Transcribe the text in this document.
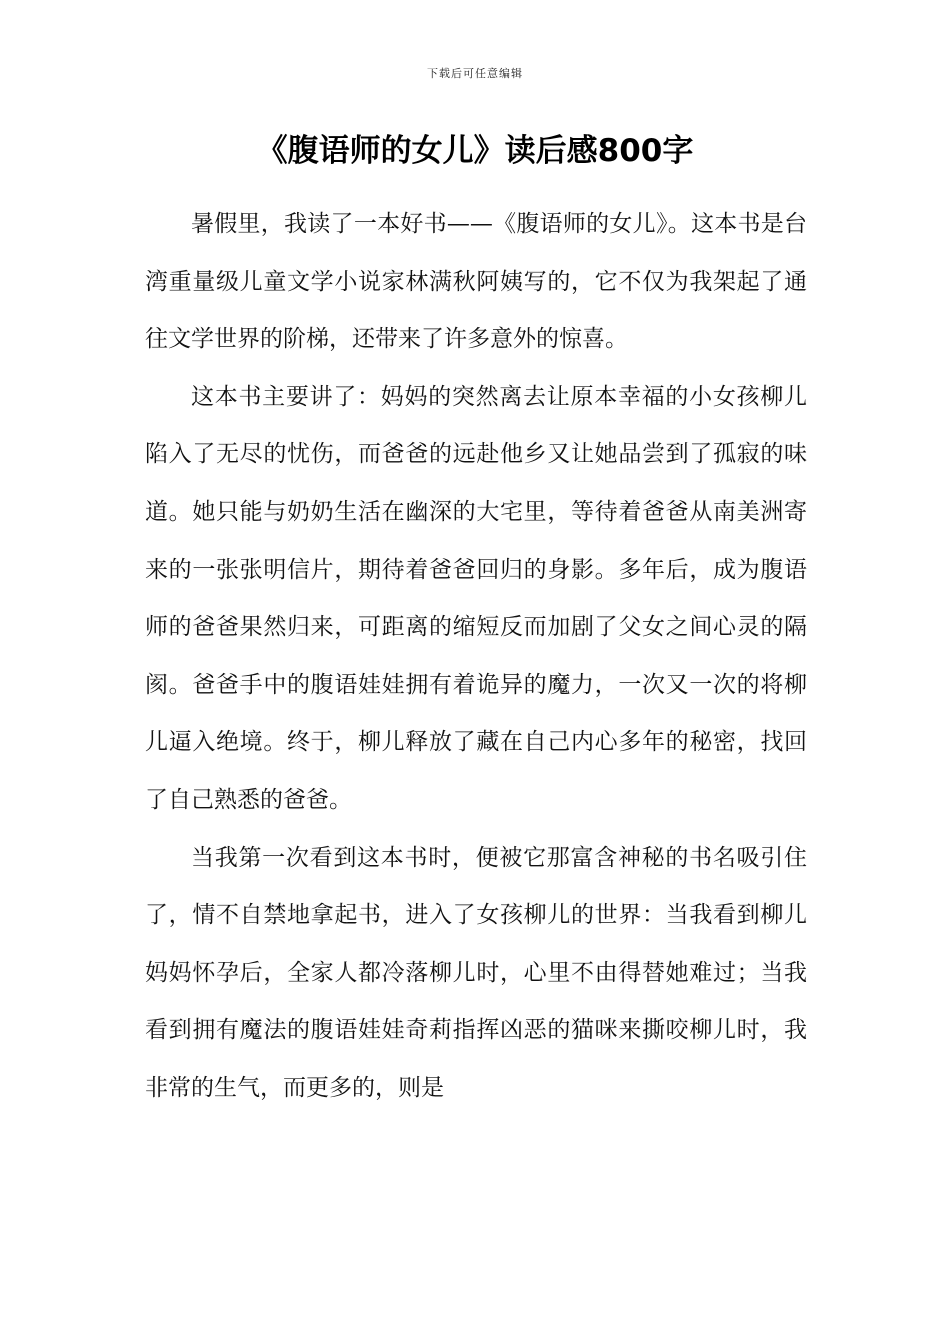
下载后可任意编辑
《腹语师的女儿》读后感800字

暑假里，我读了一本好书——《腹语师的女儿》。这本书是台湾重量级儿童文学小说家林满秋阿姨写的，它不仅为我架起了通往文学世界的阶梯，还带来了许多意外的惊喜。

这本书主要讲了：妈妈的突然离去让原本幸福的小女孩柳儿陷入了无尽的忧伤，而爸爸的远赴他乡又让她品尝到了孤寂的味道。她只能与奶奶生活在幽深的大宅里，等待着爸爸从南美洲寄来的一张张明信片，期待着爸爸回归的身影。多年后，成为腹语师的爸爸果然归来，可距离的缩短反而加剧了父女之间心灵的隔阂。爸爸手中的腹语娃娃拥有着诡异的魔力，一次又一次的将柳儿逼入绝境。终于，柳儿释放了藏在自己内心多年的秘密，找回了自己熟悉的爸爸。

当我第一次看到这本书时，便被它那富含神秘的书名吸引住了，情不自禁地拿起书，进入了女孩柳儿的世界：当我看到柳儿妈妈怀孕后，全家人都冷落柳儿时，心里不由得替她难过；当我看到拥有魔法的腹语娃娃奇莉指挥凶恶的猫咪来撕咬柳儿时，我非常的生气，而更多的，则是
